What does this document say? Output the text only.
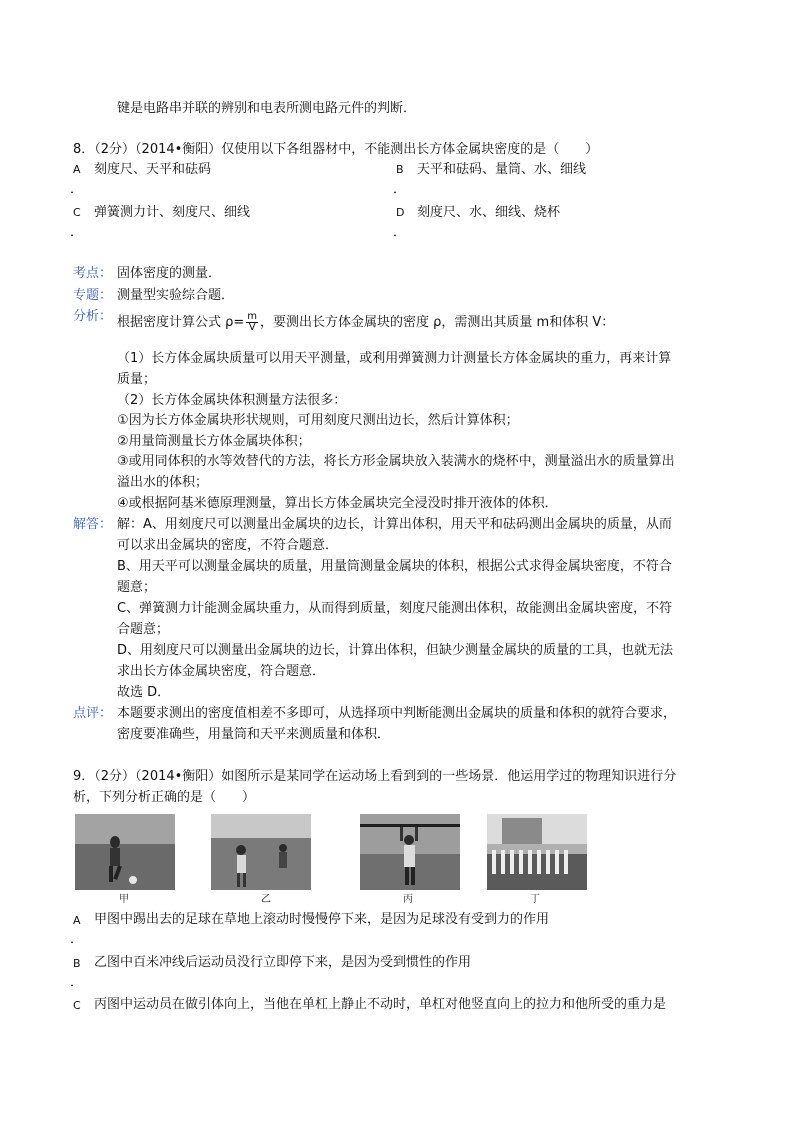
键是电路串并联的辨别和电表所测电路元件的判断．
8．（2分）（2014•衡阳）仅使用以下各组器材中，不能测出长方体金属块密度的是（　　）
A 刻度尺、天平和砝码
．
B 天平和砝码、量筒、水、细线
．
C 弹簧测力计、刻度尺、细线
．
D 刻度尺、水、细线、烧杯
．
考点： 固体密度的测量．
专题： 测量型实验综合题．
分析： 根据密度计算公式 $\rho= \frac{m}{V}$ ，要测出长方体金属块的密度 ρ，需测出其质量 m和体积 V：
（1）长方体金属块质量可以用天平测量，或利用弹簧测力计测量长方体金属块的重力，再来计算
质量；
（2）长方体金属块体积测量方法很多：
①因为长方体金属块形状规则，可用刻度尺测出边长，然后计算体积；
②用量筒测量长方体金属块体积；
③或用同体积的水等效替代的方法，将长方形金属块放入装满水的烧杯中，测量溢出水的质量算出
溢出水的体积；
④或根据阿基米德原理测量，算出长方体金属块完全浸没时排开液体的体积．
解答： 解：A、用刻度尺可以测量出金属块的边长，计算出体积，用天平和砝码测出金属块的质量，从而
可以求出金属块的密度，不符合题意．
B、用天平可以测量金属块的质量，用量筒测量金属块的体积，根据公式求得金属块密度，不符合
题意；
C、弹簧测力计能测金属块重力，从而得到质量，刻度尺能测出体积，故能测出金属块密度，不符
合题意；
D、用刻度尺可以测量出金属块的边长，计算出体积，但缺少测量金属块的质量的工具，也就无法
求出长方体金属块密度，符合题意．
故选 D．
点评： 本题要求测出的密度值相差不多即可，从选择项中判断能测出金属块的质量和体积的就符合要求，
密度要准确些，用量筒和天平来测质量和体积．
9．（2分）（2014•衡阳）如图所示是某同学在运动场上看到到的一些场景．他运用学过的物理知识进行分
析，下列分析正确的是（　　）
甲	乙	丙	丁
A 甲图中踢出去的足球在草地上滚动时慢慢停下来，是因为足球没有受到力的作用
．
B 乙图中百米冲线后运动员没行立即停下来，是因为受到惯性的作用
．
C 丙图中运动员在做引体向上，当他在单杠上静止不动时，单杠对他竖直向上的拉力和他所受的重力是
